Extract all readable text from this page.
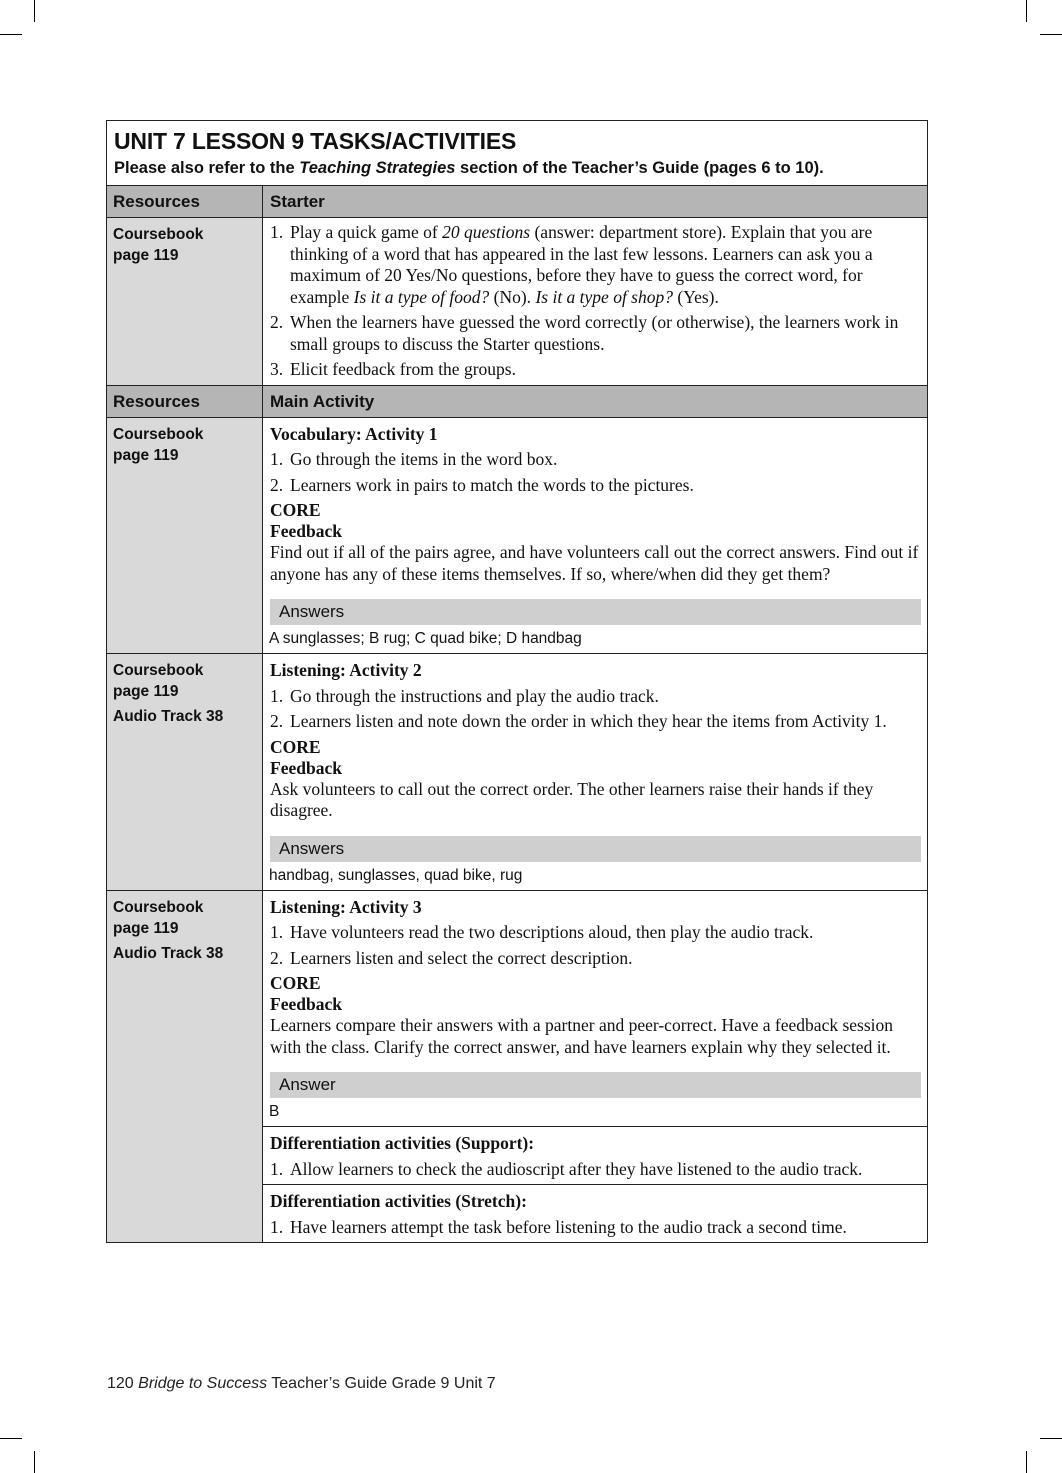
UNIT 7 LESSON 9 TASKS/ACTIVITIES
Please also refer to the Teaching Strategies section of the Teacher’s Guide (pages 6 to 10).
Resources	Starter
Coursebook
page 119
1. Play a quick game of 20 questions (answer: department store). Explain that you are thinking of a word that has appeared in the last few lessons. Learners can ask you a maximum of 20 Yes/No questions, before they have to guess the correct word, for example Is it a type of food? (No). Is it a type of shop? (Yes).
2. When the learners have guessed the word correctly (or otherwise), the learners work in small groups to discuss the Starter questions.
3. Elicit feedback from the groups.
Resources	Main Activity
Coursebook
page 119
Vocabulary: Activity 1
1. Go through the items in the word box.
2. Learners work in pairs to match the words to the pictures.
CORE
Feedback
Find out if all of the pairs agree, and have volunteers call out the correct answers. Find out if anyone has any of these items themselves. If so, where/when did they get them?
Answers
A sunglasses; B rug; C quad bike; D handbag
Coursebook
page 119
Audio Track 38
Listening: Activity 2
1. Go through the instructions and play the audio track.
2. Learners listen and note down the order in which they hear the items from Activity 1.
CORE
Feedback
Ask volunteers to call out the correct order. The other learners raise their hands if they disagree.
Answers
handbag, sunglasses, quad bike, rug
Coursebook
page 119
Audio Track 38
Listening: Activity 3
1. Have volunteers read the two descriptions aloud, then play the audio track.
2. Learners listen and select the correct description.
CORE
Feedback
Learners compare their answers with a partner and peer-correct. Have a feedback session with the class. Clarify the correct answer, and have learners explain why they selected it.
Answer
B
Differentiation activities (Support):
1. Allow learners to check the audioscript after they have listened to the audio track.
Differentiation activities (Stretch):
1. Have learners attempt the task before listening to the audio track a second time.
120 Bridge to Success Teacher’s Guide Grade 9 Unit 7
